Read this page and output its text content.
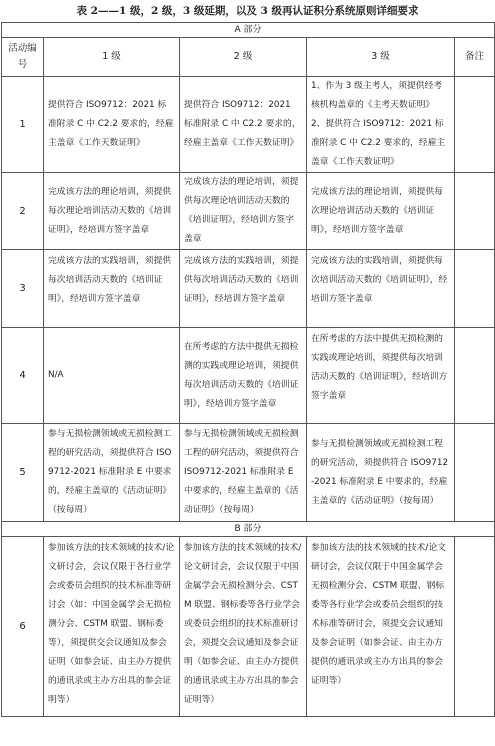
表 2——1 级，2 级，3 级延期，以及 3 级再认证积分系统原则详细要求
A 部分				
活动编号	1 级	2 级	3 级	备注
1	提供符合 ISO9712：2021 标准附录 C 中 C2.2 要求的，经雇主盖章《工作天数证明》	提供符合 ISO9712：2021 标准附录 C 中 C2.2 要求的，经雇主盖章《工作天数证明》	1、作为 3 级主考人，须提供经考核机构盖章的《主考天数证明》 2、提供符合 ISO9712：2021 标准附录 C 中 C2.2 要求的，经雇主盖章《工作天数证明》	
2	完成该方法的理论培训，须提供每次理论培训活动天数的《培训证明》，经培训方签字盖章	完成该方法的理论培训，须提供每次理论培训活动天数的《培训证明》，经培训方签字盖章	完成该方法的理论培训，须提供每次理论培训活动天数的《培训证明》，经培训方签字盖章	
3	完成该方法的实践培训，须提供每次培训活动天数的《培训证明》，经培训方签字盖章	完成该方法的实践培训，须提供每次培训活动天数的《培训证明》，经培训方签字盖章	完成该方法的实践培训，须提供每次培训活动天数的《培训证明》，经培训方签字盖章	
4	N/A	在所考虑的方法中提供无损检测的实践或理论培训，须提供每次培训活动天数的《培训证明》，经培训方签字盖章	在所考虑的方法中提供无损检测的实践或理论培训，须提供每次培训活动天数的《培训证明》，经培训方签字盖章	
5	参与无损检测领域或无损检测工程的研究活动，须提供符合 ISO9712-2021 标准附录 E 中要求的，经雇主盖章的《活动证明》（按每周）	参与无损检测领域或无损检测工程的研究活动，须提供符合 ISO9712-2021 标准附录 E 中要求的，经雇主盖章的《活动证明》（按每周）	参与无损检测领域或无损检测工程的研究活动，须提供符合 ISO9712-2021 标准附录 E 中要求的，经雇主盖章的《活动证明》（按每周）	
B 部分				
6	参加该方法的技术领域的技术/论文研讨会，会议仅限于各行业学会或委员会组织的技术标准等研讨会（如：中国金属学会无损检测分会、CSTM 联盟、钢标委等），须提供交会议通知及参会证明（如参会证、由主办方提供的通讯录或主办方出具的参会证明等）	参加该方法的技术领域的技术/论文研讨会，会议仅限于中国金属学会无损检测分会、CSTM 联盟、钢标委等各行业学会或委员会组织的技术标准研讨会，须提交会议通知及参会证明（如参会证、由主办方提供的通讯录或主办方出具的参会证明等）	参加该方法的技术领域的技术/论文研讨会，会议仅限于中国金属学会无损检测分会、CSTM 联盟、钢标委等各行业学会或委员会组织的技术标准等研讨会，须提交会议通知及参会证明（如参会证、由主办方提供的通讯录或主办方出具的参会证明等）	
